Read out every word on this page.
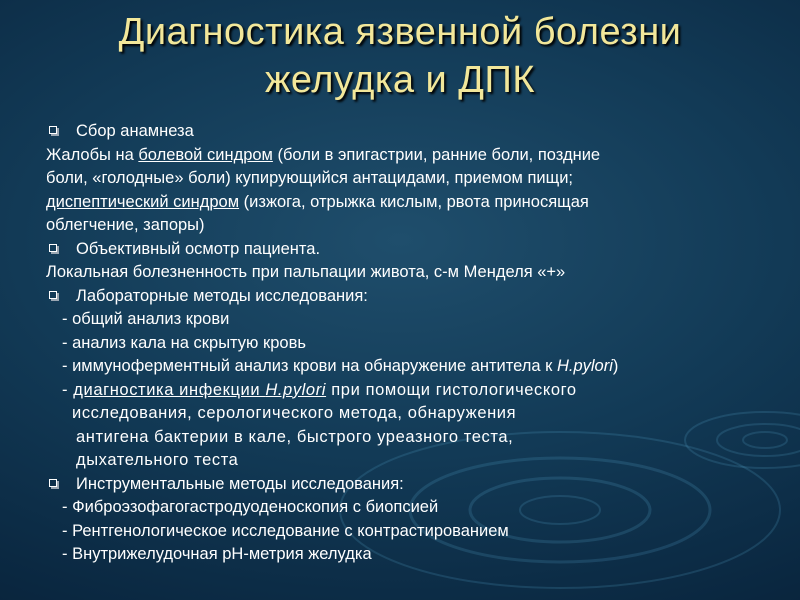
Диагностика язвенной болезни
желудка и ДПК
Сбор анамнеза
Жалобы на болевой синдром (боли в эпигастрии, ранние боли, поздние
боли, «голодные» боли) купирующийся антацидами, приемом пищи;
диспептический синдром (изжога, отрыжка кислым, рвота приносящая
облегчение, запоры)
Объективный осмотр пациента.
Локальная болезненность при пальпации живота, с-м Менделя «+»
Лабораторные методы исследования:
- общий анализ крови
- анализ кала на скрытую кровь
- иммуноферментный анализ крови на обнаружение антитела к H.pylori)
- диагностика инфекции H.pylori при помощи гистологического
исследования, серологического метода, обнаружения
антигена бактерии в кале, быстрого уреазного теста,
дыхательного теста
Инструментальные методы исследования:
- Фиброэзофагогастродуоденоскопия с биопсией
- Рентгенологическое исследование с контрастированием
- Внутрижелудочная рН-метрия желудка
